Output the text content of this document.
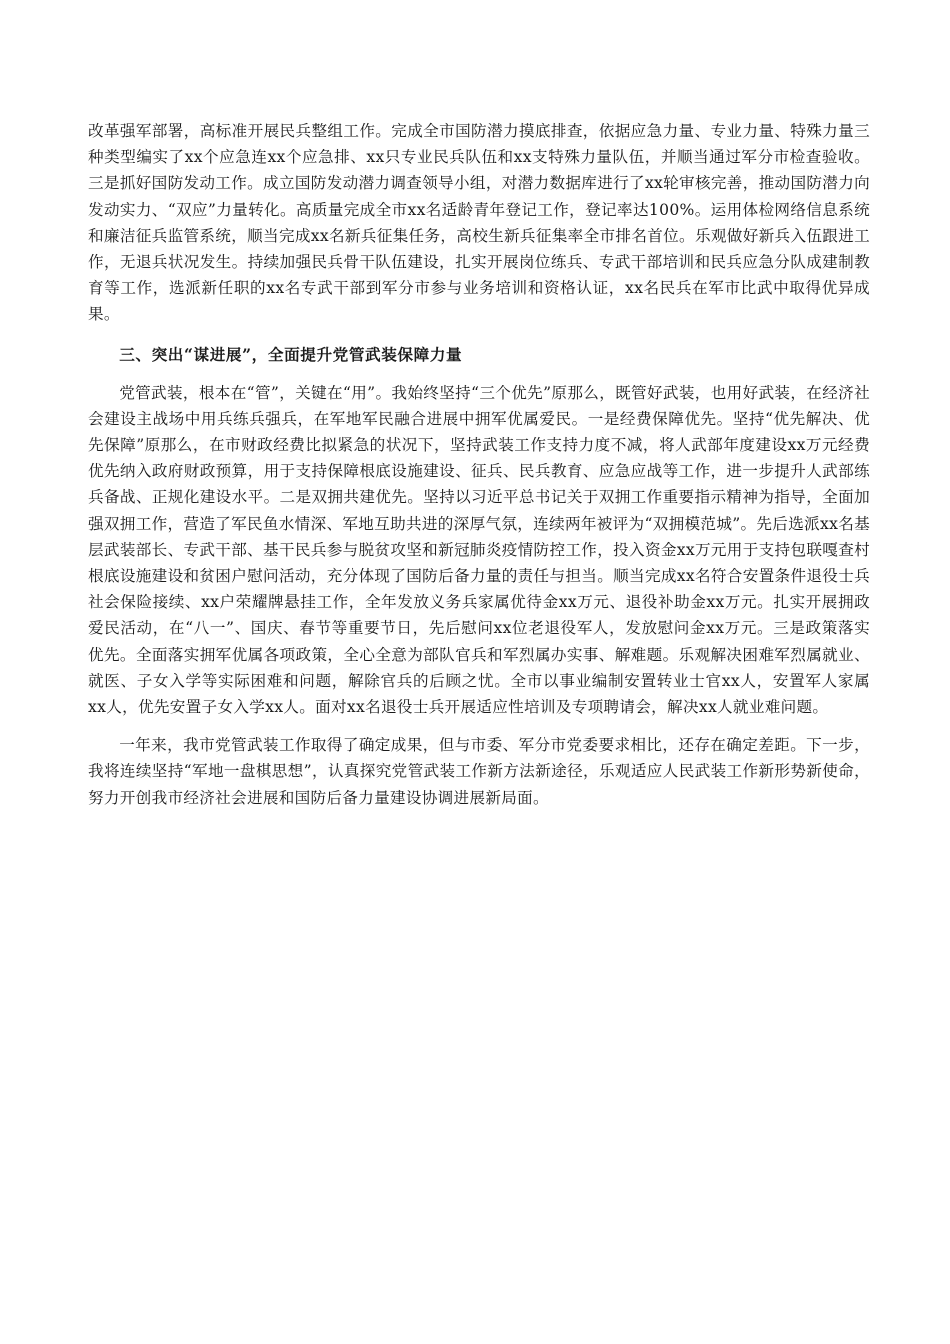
改革强军部署，高标准开展民兵整组工作。完成全市国防潜力摸底排查，依据应急力量、专业力量、特殊力量三种类型编实了xx个应急连xx个应急排、xx只专业民兵队伍和xx支特殊力量队伍，并顺当通过军分市检查验收。三是抓好国防发动工作。成立国防发动潜力调查领导小组，对潜力数据库进行了xx轮审核完善，推动国防潜力向发动实力、“双应”力量转化。高质量完成全市xx名适龄青年登记工作，登记率达100%。运用体检网络信息系统和廉洁征兵监管系统，顺当完成xx名新兵征集任务，高校生新兵征集率全市排名首位。乐观做好新兵入伍跟进工作，无退兵状况发生。持续加强民兵骨干队伍建设，扎实开展岗位练兵、专武干部培训和民兵应急分队成建制教育等工作，选派新任职的xx名专武干部到军分市参与业务培训和资格认证，xx名民兵在军市比武中取得优异成果。

三、突出“谋进展”，全面提升党管武装保障力量

党管武装，根本在“管”，关键在“用”。我始终坚持“三个优先”原那么，既管好武装，也用好武装，在经济社会建设主战场中用兵练兵强兵，在军地军民融合进展中拥军优属爱民。一是经费保障优先。坚持“优先解决、优先保障”原那么，在市财政经费比拟紧急的状况下，坚持武装工作支持力度不减，将人武部年度建设xx万元经费优先纳入政府财政预算，用于支持保障根底设施建设、征兵、民兵教育、应急应战等工作，进一步提升人武部练兵备战、正规化建设水平。二是双拥共建优先。坚持以习近平总书记关于双拥工作重要指示精神为指导，全面加强双拥工作，营造了军民鱼水情深、军地互助共进的深厚气氛，连续两年被评为“双拥模范城”。先后选派xx名基层武装部长、专武干部、基干民兵参与脱贫攻坚和新冠肺炎疫情防控工作，投入资金xx万元用于支持包联嘎查村根底设施建设和贫困户慰问活动，充分体现了国防后备力量的责任与担当。顺当完成xx名符合安置条件退役士兵社会保险接续、xx户荣耀牌悬挂工作，全年发放义务兵家属优待金xx万元、退役补助金xx万元。扎实开展拥政爱民活动，在“八一”、国庆、春节等重要节日，先后慰问xx位老退役军人，发放慰问金xx万元。三是政策落实优先。全面落实拥军优属各项政策，全心全意为部队官兵和军烈属办实事、解难题。乐观解决困难军烈属就业、就医、子女入学等实际困难和问题，解除官兵的后顾之忧。全市以事业编制安置转业士官xx人，安置军人家属xx人，优先安置子女入学xx人。面对xx名退役士兵开展适应性培训及专项聘请会，解决xx人就业难问题。

一年来，我市党管武装工作取得了确定成果，但与市委、军分市党委要求相比，还存在确定差距。下一步，我将连续坚持“军地一盘棋思想”，认真探究党管武装工作新方法新途径，乐观适应人民武装工作新形势新使命，努力开创我市经济社会进展和国防后备力量建设协调进展新局面。
